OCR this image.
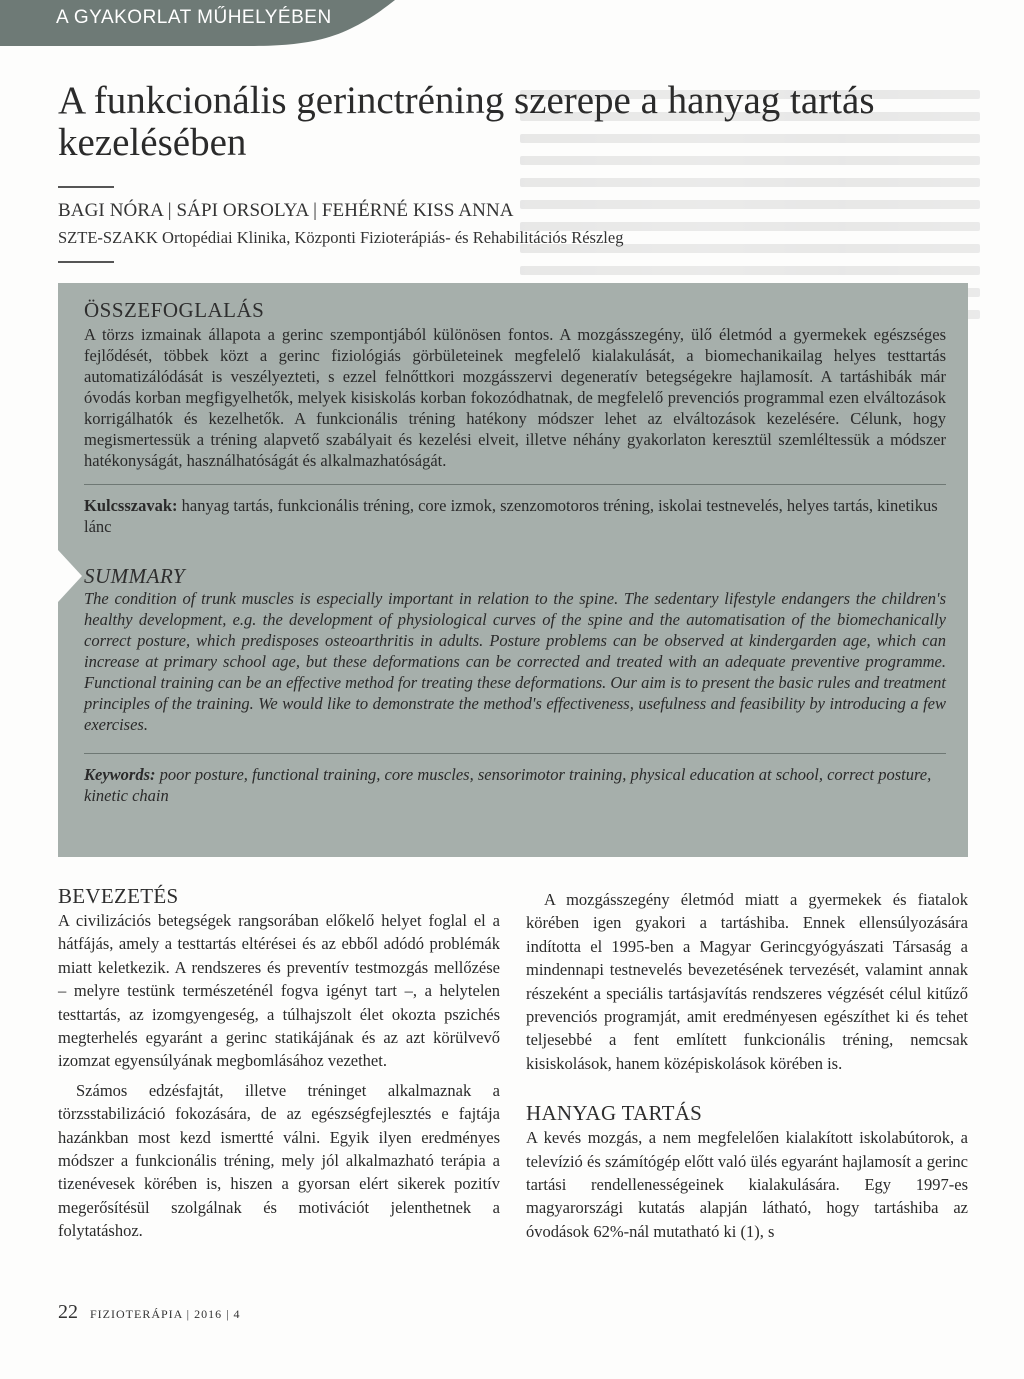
A GYAKORLAT MŰHELYÉBEN
A funkcionális gerinctréning szerepe a hanyag tartás kezelésében
BAGI NÓRA | SÁPI ORSOLYA | FEHÉRNÉ KISS ANNA
SZTE-SZAKK Ortopédiai Klinika, Központi Fizioterápiás- és Rehabilitációs Részleg
ÖSSZEFOGLALÁS

A törzs izmainak állapota a gerinc szempontjából különösen fontos. A mozgásszegény, ülő életmód a gyermekek egészséges fejlődését, többek közt a gerinc fiziológiás görbületeinek megfelelő kialakulását, a biomechanikailag helyes testtartás automatizálódását is veszélyezteti, s ezzel felnőttkori mozgásszervi degeneratív betegségekre hajlamosít. A tartáshibák már óvodás korban megfigyelhetők, melyek kisiskolás korban fokozódhatnak, de megfelelő prevenciós programmal ezen elváltozások korrigálhatók és kezelhetők. A funkcionális tréning hatékony módszer lehet az elváltozások kezelésére. Célunk, hogy megismertessük a tréning alapvető szabályait és kezelési elveit, illetve néhány gyakorlaton keresztül szemléltessük a módszer hatékonyságát, használhatóságát és alkalmazhatóságát.

Kulcsszavak: hanyag tartás, funkcionális tréning, core izmok, szenzomotoros tréning, iskolai testnevelés, helyes tartás, kinetikus lánc

SUMMARY

The condition of trunk muscles is especially important in relation to the spine. The sedentary lifestyle endangers the children's healthy development, e.g. the development of physiological curves of the spine and the automatisation of the biomechanically correct posture, which predisposes osteoarthritis in adults. Posture problems can be observed at kindergarden age, which can increase at primary school age, but these deformations can be corrected and treated with an adequate preventive programme. Functional training can be an effective method for treating these deformations. Our aim is to present the basic rules and treatment principles of the training. We would like to demonstrate the method's effectiveness, usefulness and feasibility by introducing a few exercises.

Keywords: poor posture, functional training, core muscles, sensorimotor training, physical education at school, correct posture, kinetic chain

BEVEZETÉS

A civilizációs betegségek rangsorában előkelő helyet foglal el a hátfájás, amely a testtartás eltérései és az ebből adódó problémák miatt keletkezik. A rendszeres és preventív testmozgás mellőzése – melyre testünk természeténél fogva igényt tart –, a helytelen testtartás, az izomgyengeség, a túlhajszolt élet okozta pszichés megterhelés egyaránt a gerinc statikájának és az azt körülvevő izomzat egyensúlyának megbomlásához vezethet.

Számos edzésfajtát, illetve tréninget alkalmaznak a törzsstabilizáció fokozására, de az egészségfejlesztés e fajtája hazánkban most kezd ismertté válni. Egyik ilyen eredményes módszer a funkcionális tréning, mely jól alkalmazható terápia a tizenévesek körében is, hiszen a gyorsan elért sikerek pozitív megerősítésül szolgálnak és motivációt jelenthetnek a folytatáshoz.

A mozgásszegény életmód miatt a gyermekek és fiatalok körében igen gyakori a tartáshiba. Ennek ellensúlyozására indította el 1995-ben a Magyar Gerincgyógyászati Társaság a mindennapi testnevelés bevezetésének tervezését, valamint annak részeként a speciális tartásjavítás rendszeres végzését célul kitűző prevenciós programját, amit eredményesen egészíthet ki és tehet teljesebbé a fent említett funkcionális tréning, nemcsak kisiskolások, hanem középiskolások körében is.

HANYAG TARTÁS

A kevés mozgás, a nem megfelelően kialakított iskolabútorok, a televízió és számítógép előtt való ülés egyaránt hajlamosít a gerinc tartási rendellenességeinek kialakulására. Egy 1997-es magyarországi kutatás alapján látható, hogy tartáshiba az óvodások 62%-nál mutatható ki (1), s

22 FIZIOTERÁPIA | 2016 | 4
